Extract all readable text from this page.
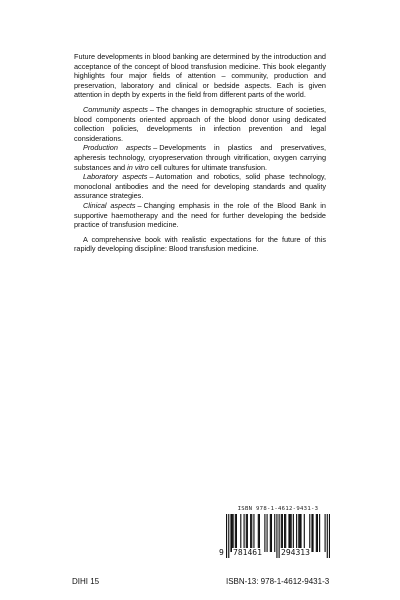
Future developments in blood banking are determined by the introduction and acceptance of the concept of blood transfusion medicine. This book elegantly highlights four major fields of attention – community, production and preservation, laboratory and clinical or bedside aspects. Each is given attention in depth by experts in the field from different parts of the world.

Community aspects – The changes in demographic structure of societies, blood components oriented approach of the blood donor using dedicated collection policies, developments in infection prevention and legal considerations.

Production aspects – Developments in plastics and preservatives, apheresis technology, cryopreservation through vitrification, oxygen carrying substances and in vitro cell cultures for ultimate transfusion.

Laboratory aspects – Automation and robotics, solid phase technology, monoclonal antibodies and the need for developing standards and quality assurance strategies.

Clinical aspects – Changing emphasis in the role of the Blood Bank in supportive haemotherapy and the need for further developing the bedside practice of transfusion medicine.

A comprehensive book with realistic expectations for the future of this rapidly developing discipline: Blood transfusion medicine.

ISBN 978-1-4612-9431-3
9 781461 294313
DIHI 15	ISBN-13: 978-1-4612-9431-3
